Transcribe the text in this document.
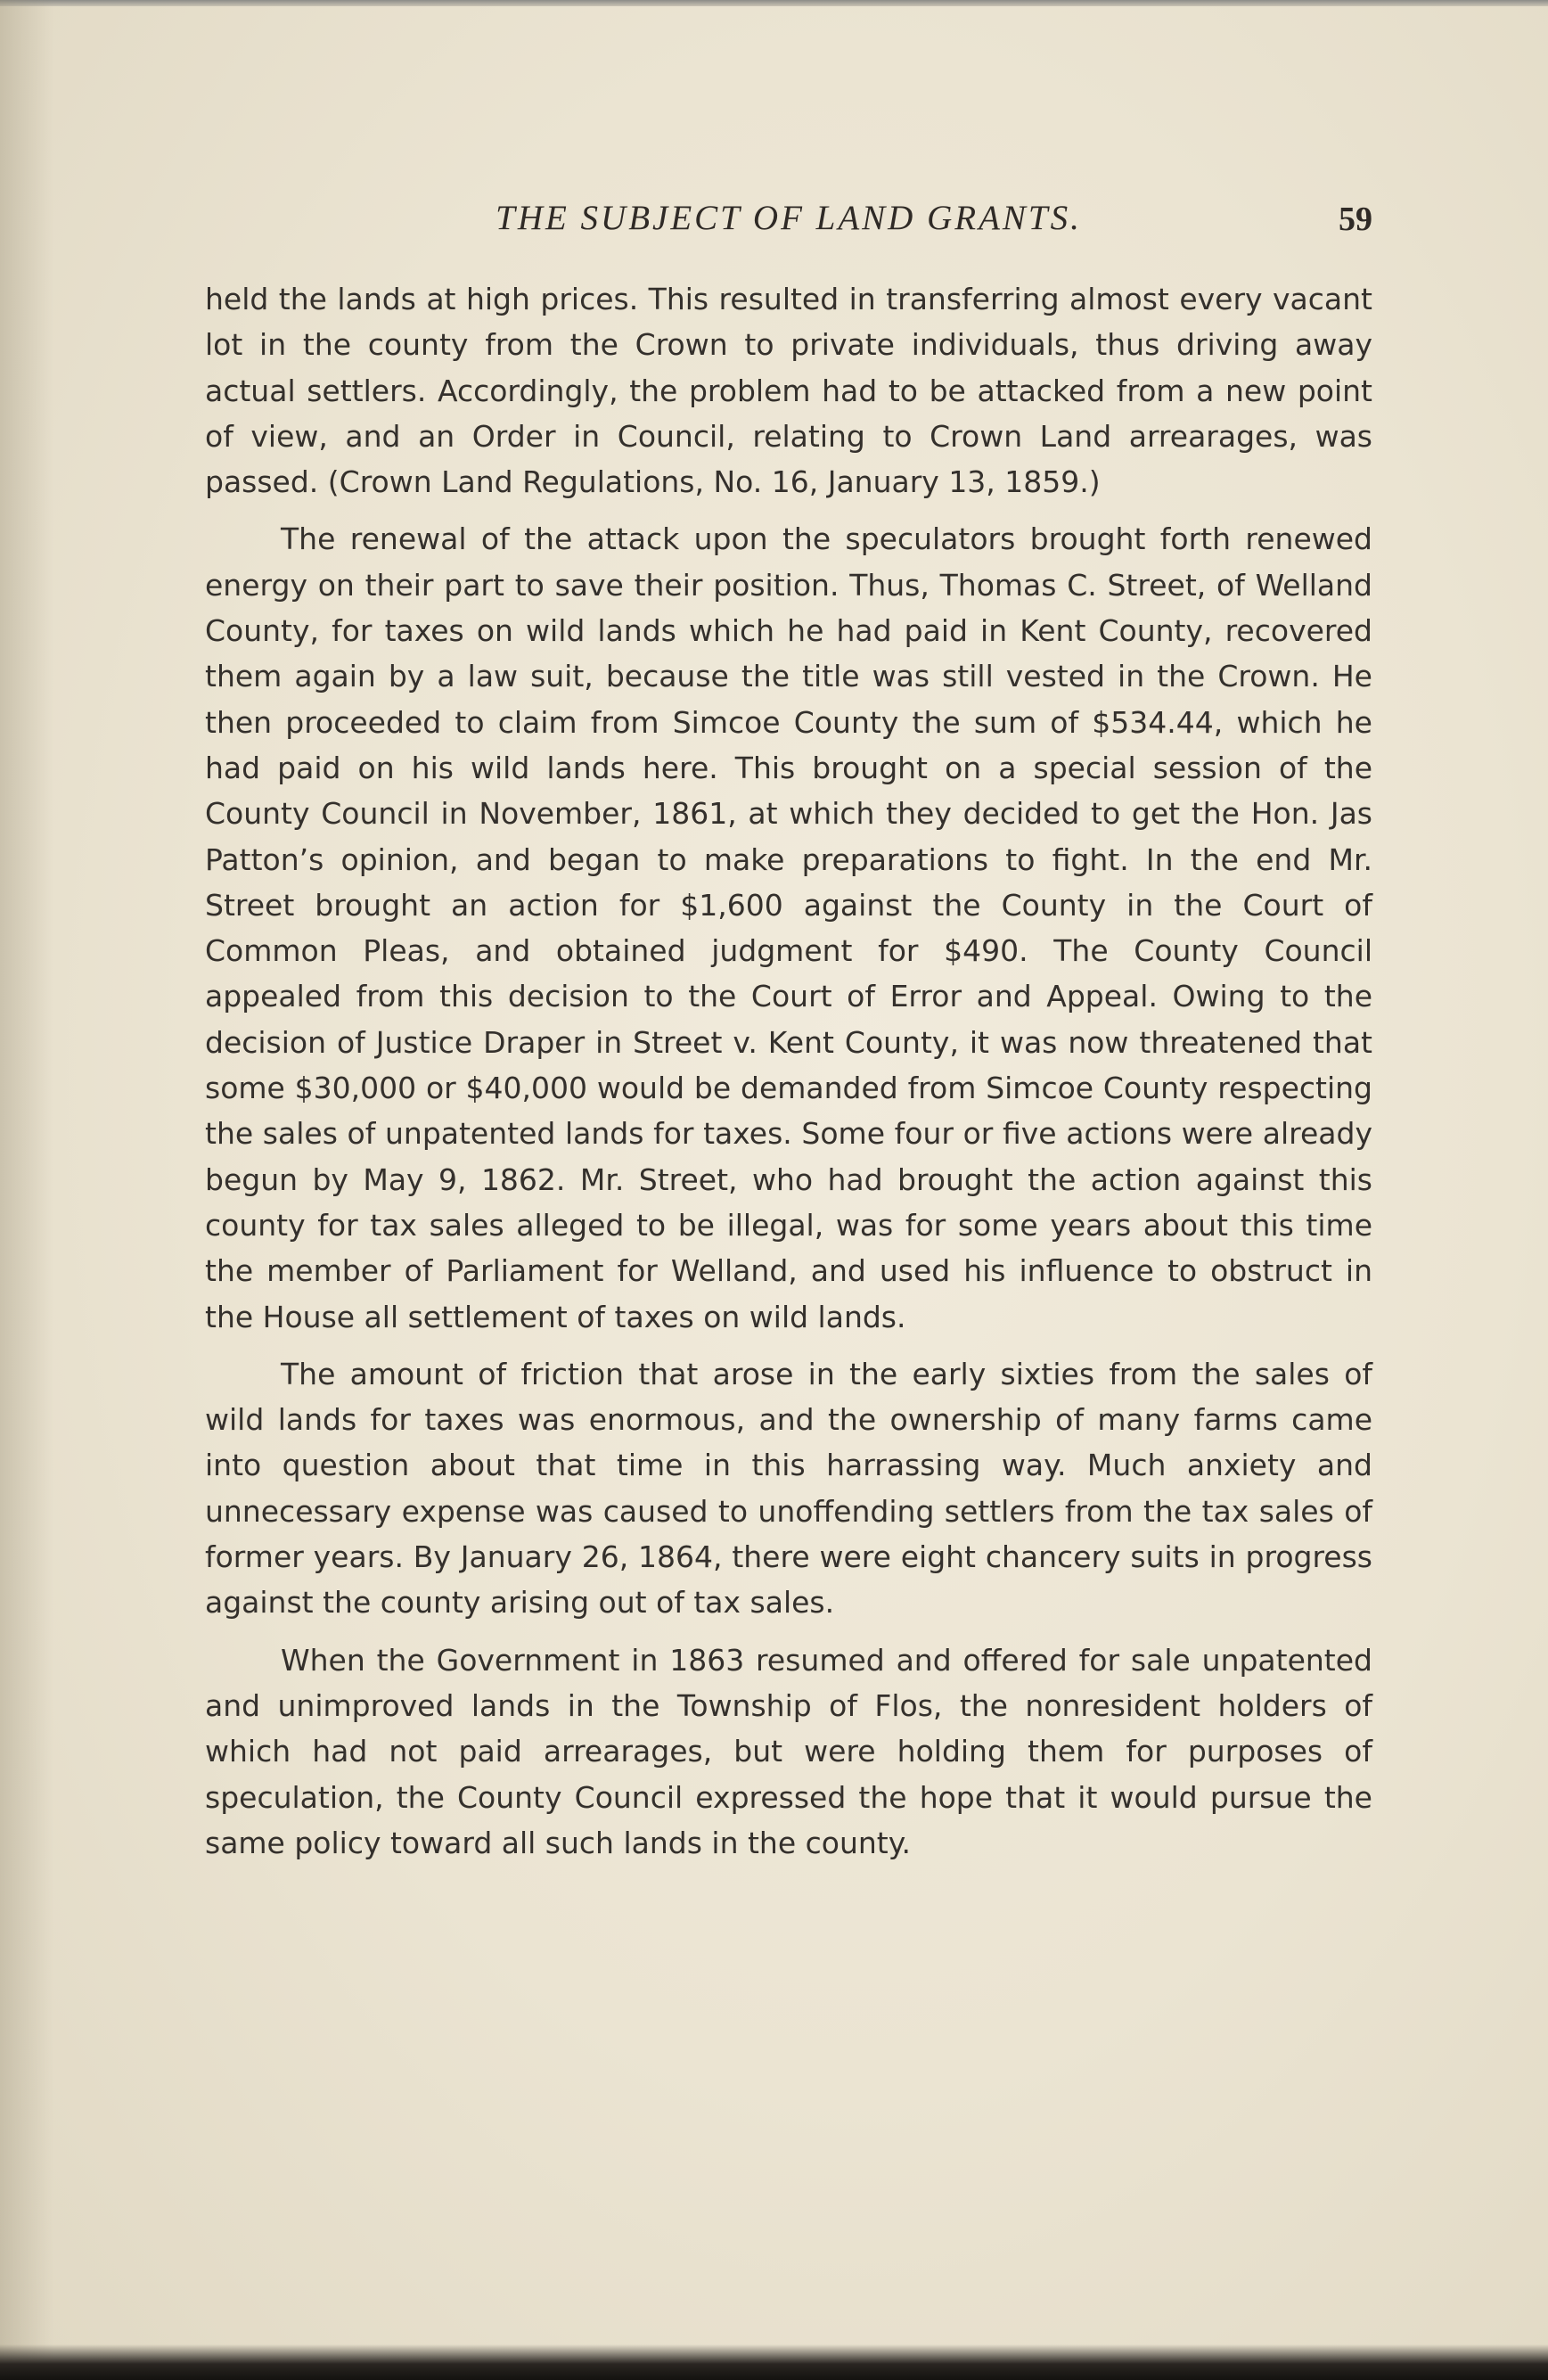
THE SUBJECT OF LAND GRANTS.	59

held the lands at high prices. This resulted in transferring almost every vacant lot in the county from the Crown to private individuals, thus driving away actual settlers. Accordingly, the problem had to be attacked from a new point of view, and an Order in Council, relating to Crown Land arrearages, was passed. (Crown Land Regulations, No. 16, January 13, 1859.)

The renewal of the attack upon the speculators brought forth renewed energy on their part to save their position. Thus, Thomas C. Street, of Welland County, for taxes on wild lands which he had paid in Kent County, recovered them again by a law suit, because the title was still vested in the Crown. He then proceeded to claim from Simcoe County the sum of $534.44, which he had paid on his wild lands here. This brought on a special session of the County Council in November, 1861, at which they decided to get the Hon. Jas Patton’s opinion, and began to make preparations to fight. In the end Mr. Street brought an action for $1,600 against the County in the Court of Common Pleas, and obtained judgment for $490. The County Council appealed from this decision to the Court of Error and Appeal. Owing to the decision of Justice Draper in Street v. Kent County, it was now threatened that some $30,000 or $40,000 would be demanded from Simcoe County respecting the sales of unpatented lands for taxes. Some four or five actions were already begun by May 9, 1862. Mr. Street, who had brought the action against this county for tax sales alleged to be illegal, was for some years about this time the member of Parliament for Welland, and used his influence to obstruct in the House all settlement of taxes on wild lands.

The amount of friction that arose in the early sixties from the sales of wild lands for taxes was enormous, and the ownership of many farms came into question about that time in this harrassing way. Much anxiety and unnecessary expense was caused to unoffending settlers from the tax sales of former years. By January 26, 1864, there were eight chancery suits in progress against the county arising out of tax sales.

When the Government in 1863 resumed and offered for sale unpatented and unimproved lands in the Township of Flos, the nonresident holders of which had not paid arrearages, but were holding them for purposes of speculation, the County Council expressed the hope that it would pursue the same policy toward all such lands in the county.
